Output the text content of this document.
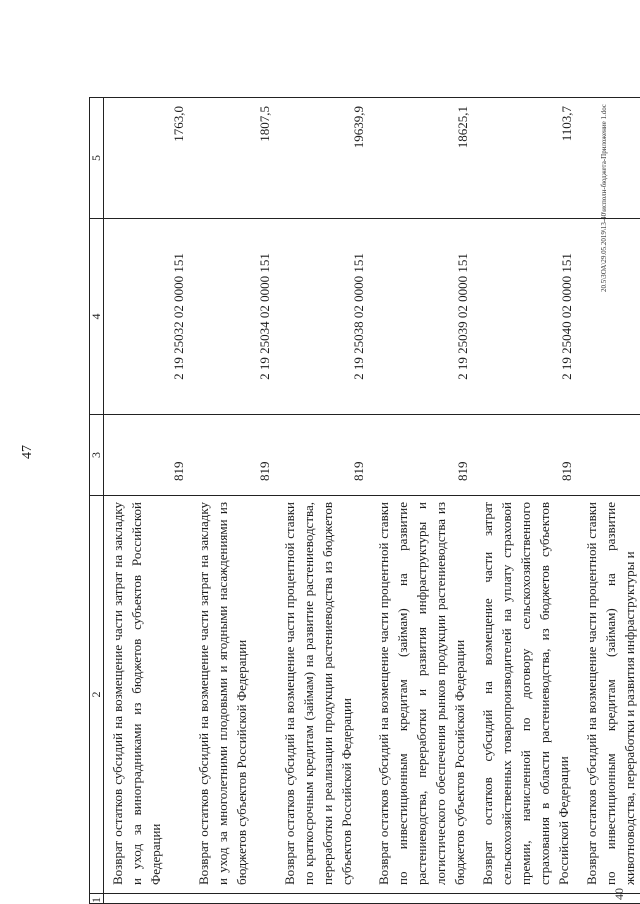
47
1	2	3	4	5
	Возврат остатков субсидий на возмещение части затрат на закладку и уход за виноградниками из бюджетов субъектов Российской Федерации	819	2 19 25032 02 0000 151	1763,0
	Возврат остатков субсидий на возмещение части затрат на закладку и уход за многолетними плодовыми и ягодными насаждениями из бюджетов субъектов Российской Федерации	819	2 19 25034 02 0000 151	1807,5
	Возврат остатков субсидий на возмещение части процентной ставки по краткосрочным кредитам (займам) на развитие растениеводства, переработки и реализации продукции растениеводства из бюджетов субъектов Российской Федерации	819	2 19 25038 02 0000 151	19639,9
	Возврат остатков субсидий на возмещение части процентной ставки по инвестиционным кредитам (займам) на развитие растениеводства, переработки и развития инфраструктуры и логистического обеспечения рынков продукции растениеводства из бюджетов субъектов Российской Федерации	819	2 19 25039 02 0000 151	18625,1
	Возврат остатков субсидий на возмещение части затрат сельскохозяйственных товаропроизводителей на уплату страховой премии, начисленной по договору сельскохозяйственного страхования в области растениеводства, из бюджетов субъектов Российской Федерации	819	2 19 25040 02 0000 151	1103,7
	Возврат остатков субсидий на возмещение части процентной ставки по инвестиционным кредитам (займам) на развитие животноводства, переработки и развития инфраструктуры и			
20.5\ЗОА\29.05.2019\13-40\исполн-бюджета-Приложение 1.doc
40
